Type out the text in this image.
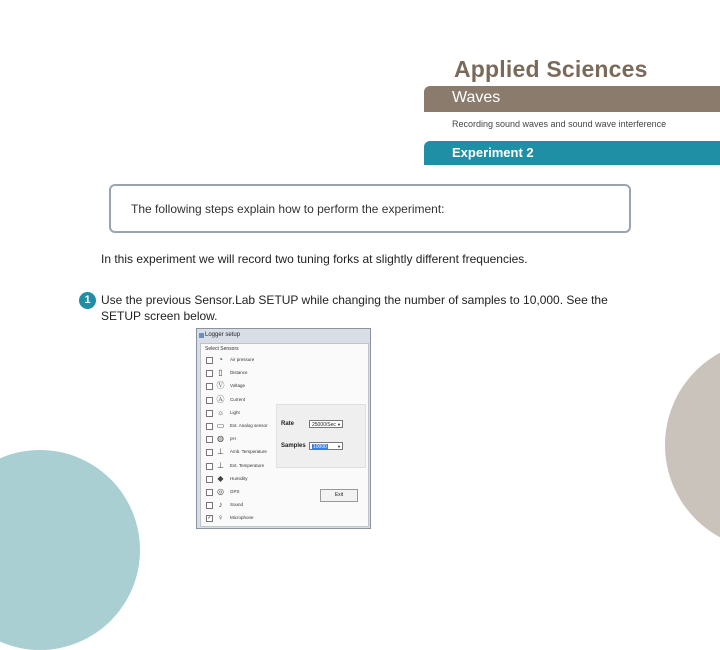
Applied Sciences
Waves
Recording sound waves and sound wave interference
Experiment 2
The following steps explain how to perform the experiment:
In this experiment we will record two tuning forks at slightly different frequencies.
1 Use the previous Sensor.Lab SETUP while changing the number of samples to 10,000. See the SETUP screen below.
Logger setup
Select Sensors
◔	Air pressure
▯	Distance
Ⓥ Voltage
Ⓐ Current
☼ Light
▭ Ext. Analog sensor
◍ pH
⊥ Amb. Temperature
⊥ Ext. Temperature
◆	Humidity
◎ GPS
♪	Sound
✓ ♀	Microphone
Rate	25000/Sec ▼
Samples	10000	▼
Exit
